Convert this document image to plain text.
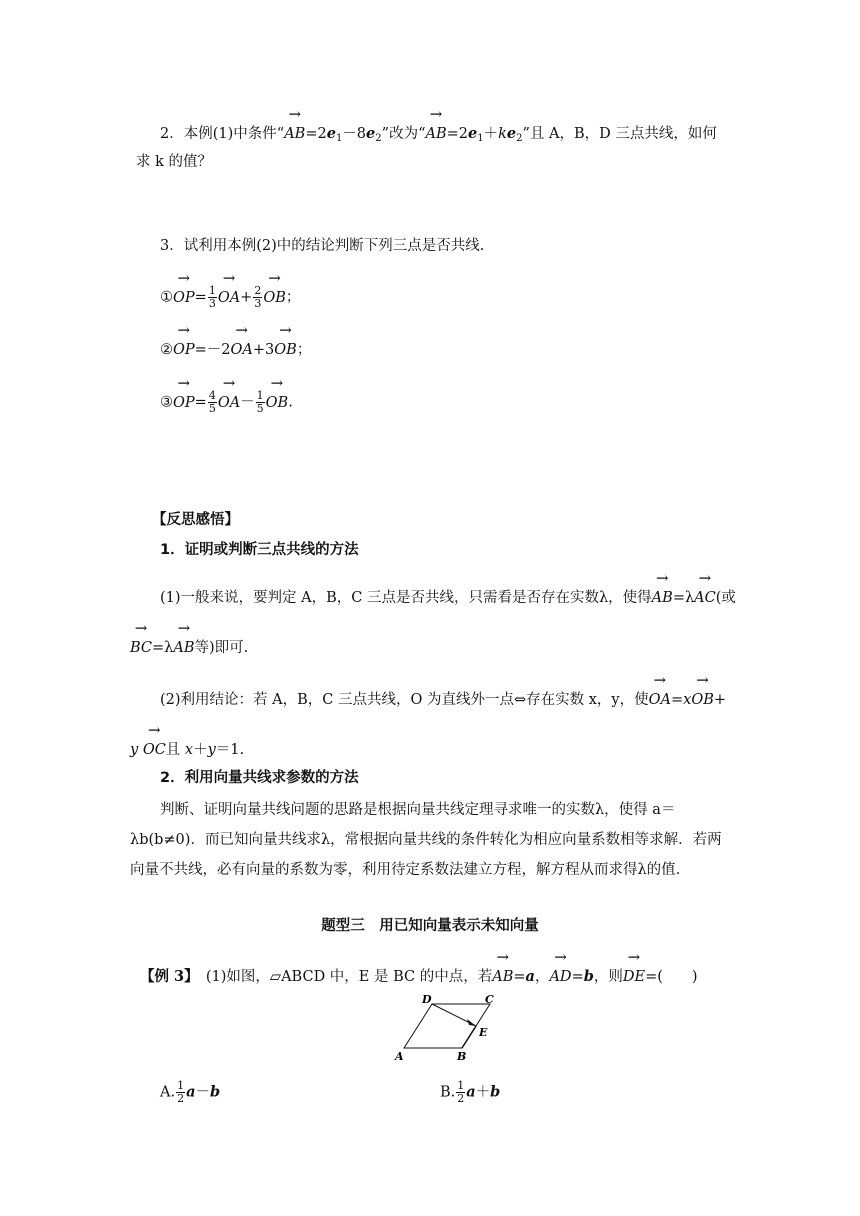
2．本例(1)中条件“→ $AB=2e_1-8e_2$”改为“→ $AB=2e_1+ke_2$”且 A，B，D 三点共线，如何
求 k 的值？
3．试利用本例(2)中的结论判断下列三点是否共线.
①→ $OP= \frac{1}{3}$
→ $OA+ \frac{2}{3}$
→ OB；
②→ OP=－2→ OA+3→ OB；
③→ $OP= \frac{4}{5}$
→ $OA- \frac{1}{5}$
→ OB.
【反思感悟】
1．证明或判断三点共线的方法
(1)一般来说，要判定 A，B，C 三点是否共线，只需看是否存在实数λ，使得→ AB=λ→ AC(或
→ BC=λ→ AB等)即可.
(2)利用结论：若 A，B，C 三点共线，O 为直线外一点⇔存在实数 x，y，使→ OA=x→ OB+
y → OC且 x＋y＝1.
2．利用向量共线求参数的方法
判断、证明向量共线问题的思路是根据向量共线定理寻求唯一的实数λ，使得 a＝
λb(b≠0)．而已知向量共线求λ，常根据向量共线的条件转化为相应向量系数相等求解．若两
向量不共线，必有向量的系数为零，利用待定系数法建立方程，解方程从而求得λ的值.
题型三　用已知向量表示未知向量
【例 3】　 (1)如图，▱ABCD 中，E 是 BC 的中点，若→ AB=a，→ AD=b，则→ DE=(　　)
A	B
C
D
E
A. $\frac{1}{2} a-b$	B. $\frac{1}{2} a+b$
